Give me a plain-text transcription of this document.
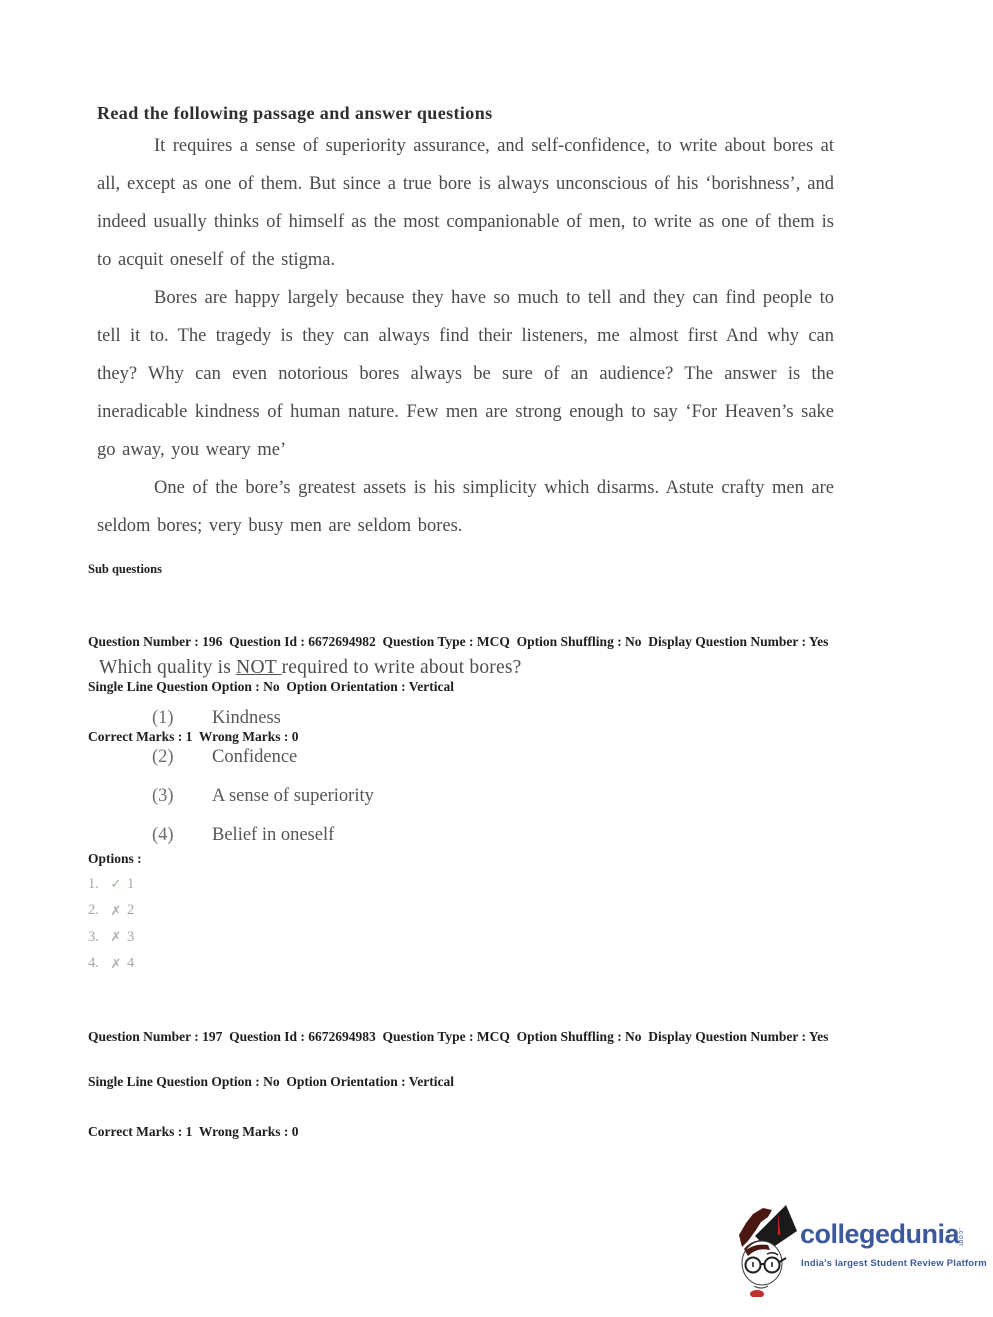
Read the following passage and answer questions

It requires a sense of superiority assurance, and self-confidence, to write about bores at all, except as one of them. But since a true bore is always unconscious of his ‘borishness’, and indeed usually thinks of himself as the most companionable of men, to write as one of them is to acquit oneself of the stigma.

Bores are happy largely because they have so much to tell and they can find people to tell it to. The tragedy is they can always find their listeners, me almost first And why can they? Why can even notorious bores always be sure of an audience? The answer is the ineradicable kindness of human nature. Few men are strong enough to say ‘For Heaven’s sake go away, you weary me’

One of the bore’s greatest assets is his simplicity which disarms. Astute crafty men are seldom bores; very busy men are seldom bores.

Sub questions

Question Number : 196  Question Id : 6672694982  Question Type : MCQ  Option Shuffling : No  Display Question Number : Yes

Single Line Question Option : No  Option Orientation : Vertical

Correct Marks : 1  Wrong Marks : 0

Which quality is NOT required to write about bores?
(1)	Kindness
(2)	Confidence
(3)	A sense of superiority
(4)	Belief in oneself
Options :
1. ✓ 1
2. ✗ 2
3. ✗ 3
4. ✗ 4

Question Number : 197  Question Id : 6672694983  Question Type : MCQ  Option Shuffling : No  Display Question Number : Yes

Single Line Question Option : No  Option Orientation : Vertical

Correct Marks : 1  Wrong Marks : 0

collegedunia
.com
India's largest Student Review Platform
